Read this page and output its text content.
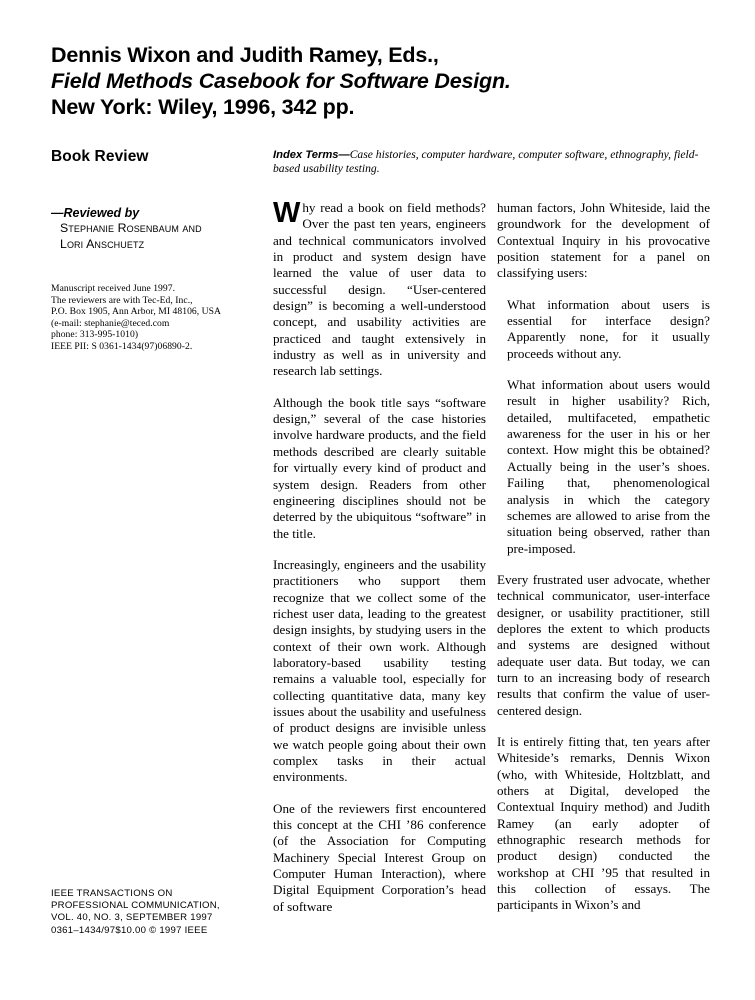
Dennis Wixon and Judith Ramey, Eds.,
Field Methods Casebook for Software Design.
New York: Wiley, 1996, 342 pp.
Book Review
—Reviewed by
Stephanie Rosenbaum and
Lori Anschuetz
Manuscript received June 1997.
The reviewers are with Tec-Ed, Inc.,
P.O. Box 1905, Ann Arbor, MI 48106, USA
(e-mail: stephanie@teced.com
phone: 313-995-1010)
IEEE PII: S 0361-1434(97)06890-2.
Index Terms—Case histories, computer hardware, computer software, ethnography, field-based usability testing.

Why read a book on field methods? Over the past ten years, engineers and technical communicators involved in product and system design have learned the value of user data to successful design. “User-centered design” is becoming a well-understood concept, and usability activities are practiced and taught extensively in industry as well as in university and research lab settings.

Although the book title says “software design,” several of the case histories involve hardware products, and the field methods described are clearly suitable for virtually every kind of product and system design. Readers from other engineering disciplines should not be deterred by the ubiquitous “software” in the title.

Increasingly, engineers and the usability practitioners who support them recognize that we collect some of the richest user data, leading to the greatest design insights, by studying users in the context of their own work. Although laboratory-based usability testing remains a valuable tool, especially for collecting quantitative data, many key issues about the usability and usefulness of product designs are invisible unless we watch people going about their own complex tasks in their actual environments.

One of the reviewers first encountered this concept at the CHI ’86 conference (of the Association for Computing Machinery Special Interest Group on Computer Human Interaction), where Digital Equipment Corporation’s head of software

human factors, John Whiteside, laid the groundwork for the development of Contextual Inquiry in his provocative position statement for a panel on classifying users:

What information about users is essential for interface design? Apparently none, for it usually proceeds without any.

What information about users would result in higher usability? Rich, detailed, multifaceted, empathetic awareness for the user in his or her context. How might this be obtained? Actually being in the user’s shoes. Failing that, phenomenological analysis in which the category schemes are allowed to arise from the situation being observed, rather than pre-imposed.

Every frustrated user advocate, whether technical communicator, user-interface designer, or usability practitioner, still deplores the extent to which products and systems are designed without adequate user data. But today, we can turn to an increasing body of research results that confirm the value of user-centered design.

It is entirely fitting that, ten years after Whiteside’s remarks, Dennis Wixon (who, with Whiteside, Holtzblatt, and others at Digital, developed the Contextual Inquiry method) and Judith Ramey (an early adopter of ethnographic research methods for product design) conducted the workshop at CHI ’95 that resulted in this collection of essays. The participants in Wixon’s and

IEEE TRANSACTIONS ON
PROFESSIONAL COMMUNICATION,
VOL. 40, NO. 3, SEPTEMBER 1997
0361–1434/97$10.00 © 1997 IEEE
